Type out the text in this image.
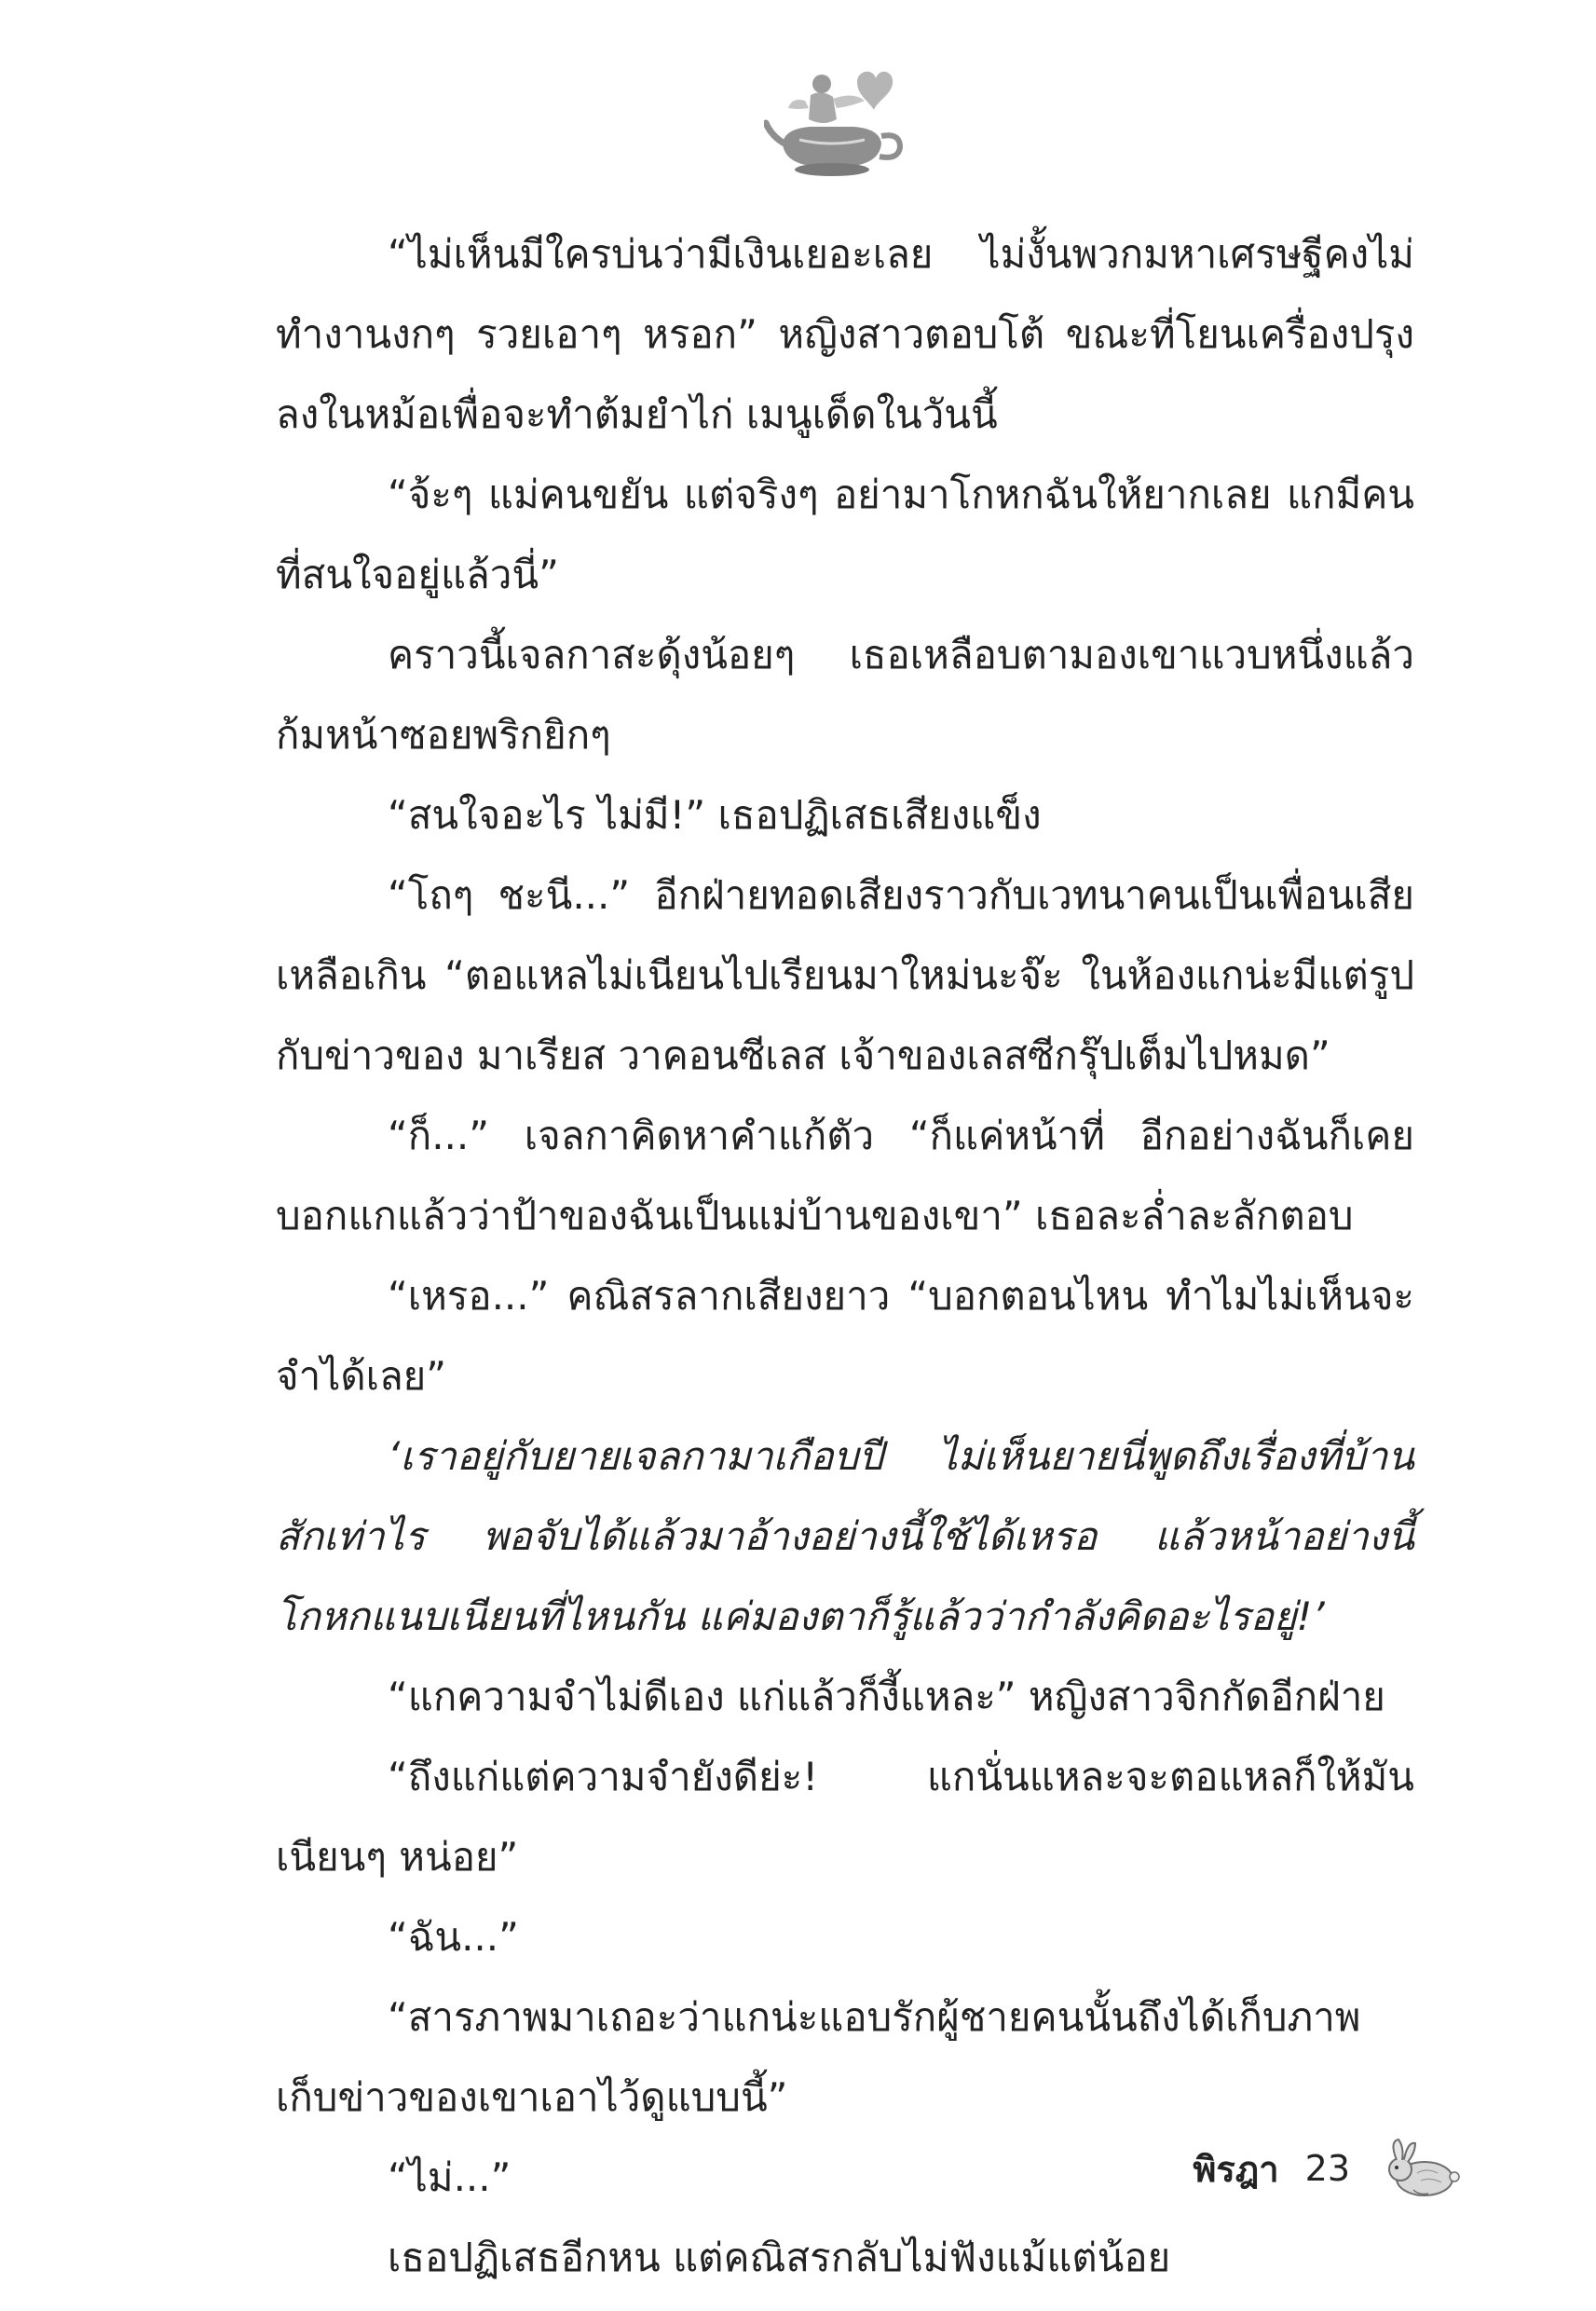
“ไม่เห็นมีใครบ่นว่ามีเงินเยอะเลย ไม่งั้นพวกมหาเศรษฐีคงไม่ทำงานงกๆ รวยเอาๆ หรอก” หญิงสาวตอบโต้ ขณะที่โยนเครื่องปรุงลงในหม้อเพื่อจะทำต้มยำไก่ เมนูเด็ดในวันนี้

“จ้ะๆ แม่คนขยัน แต่จริงๆ อย่ามาโกหกฉันให้ยากเลย แกมีคนที่สนใจอยู่แล้วนี่”

คราวนี้เจลกาสะดุ้งน้อยๆ เธอเหลือบตามองเขาแวบหนึ่งแล้วก้มหน้าซอยพริกยิกๆ

“สนใจอะไร ไม่มี!” เธอปฏิเสธเสียงแข็ง

“โถๆ ชะนี...” อีกฝ่ายทอดเสียงราวกับเวทนาคนเป็นเพื่อนเสียเหลือเกิน “ตอแหลไม่เนียนไปเรียนมาใหม่นะจ๊ะ ในห้องแกน่ะมีแต่รูปกับข่าวของ มาเรียส วาคอนซีเลส เจ้าของเลสซีกรุ๊ปเต็มไปหมด”

“ก็...” เจลกาคิดหาคำแก้ตัว “ก็แค่หน้าที่ อีกอย่างฉันก็เคยบอกแกแล้วว่าป้าของฉันเป็นแม่บ้านของเขา” เธอละล่ำละลักตอบ

“เหรอ...” คณิสรลากเสียงยาว “บอกตอนไหน ทำไมไม่เห็นจะจำได้เลย”

‘เราอยู่กับยายเจลกามาเกือบปี ไม่เห็นยายนี่พูดถึงเรื่องที่บ้านสักเท่าไร พอจับได้แล้วมาอ้างอย่างนี้ใช้ได้เหรอ แล้วหน้าอย่างนี้โกหกแนบเนียนที่ไหนกัน แค่มองตาก็รู้แล้วว่ากำลังคิดอะไรอยู่!’

“แกความจำไม่ดีเอง แก่แล้วก็งี้แหละ” หญิงสาวจิกกัดอีกฝ่าย

“ถึงแก่แต่ความจำยังดีย่ะ! แกนั่นแหละจะตอแหลก็ให้มันเนียนๆ หน่อย”

“ฉัน...”

“สารภาพมาเถอะว่าแกน่ะแอบรักผู้ชายคนนั้นถึงได้เก็บภาพเก็บข่าวของเขาเอาไว้ดูแบบนี้”

“ไม่...”

เธอปฏิเสธอีกหน แต่คณิสรกลับไม่ฟังแม้แต่น้อย

พิรฎา 23
